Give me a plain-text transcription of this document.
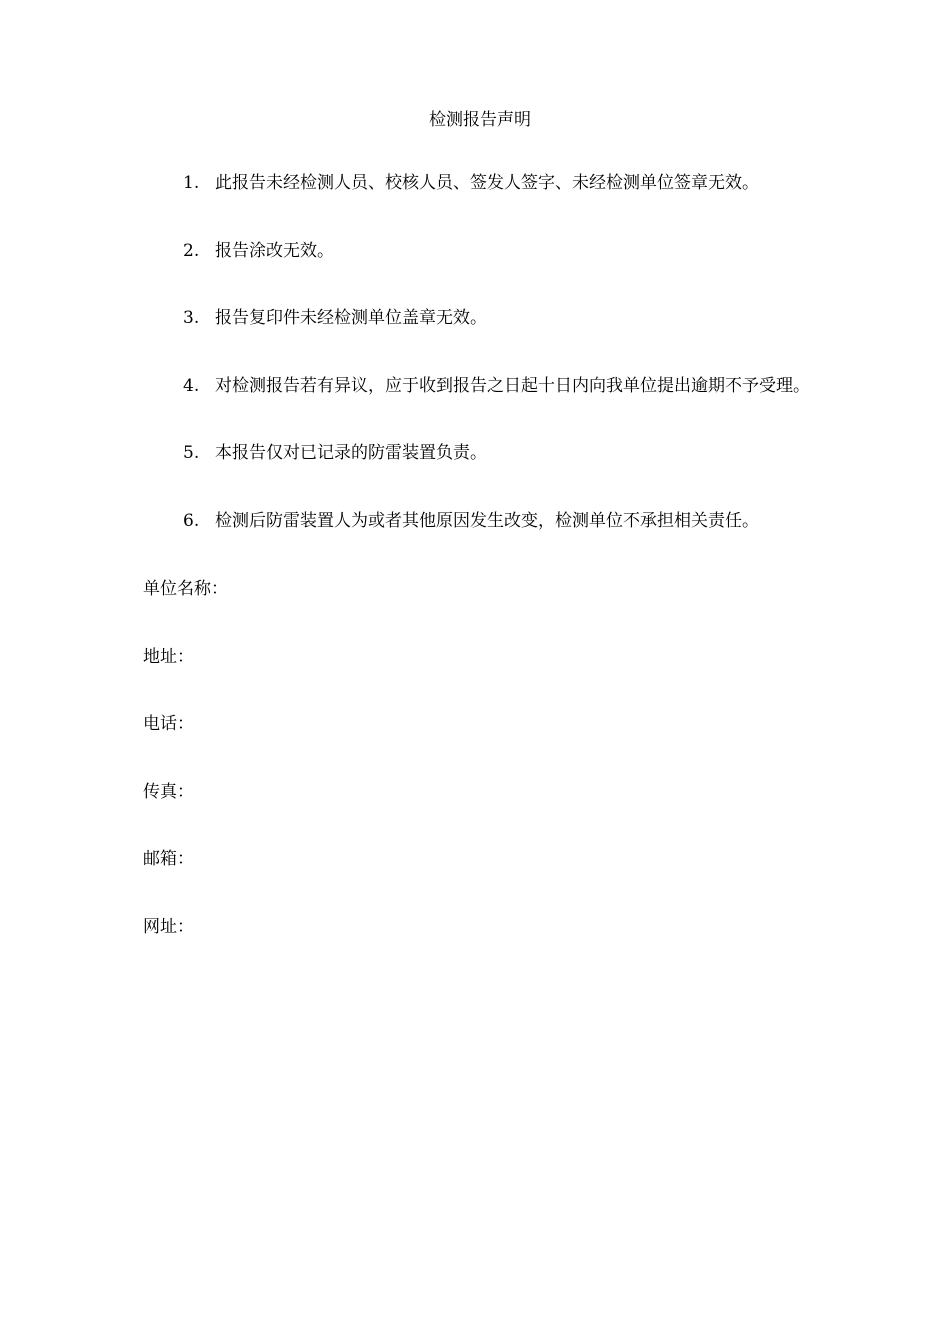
检测报告声明
1. 此报告未经检测人员、校核人员、签发人签字、未经检测单位签章无效。
2. 报告涂改无效。
3. 报告复印件未经检测单位盖章无效。
4. 对检测报告若有异议，应于收到报告之日起十日内向我单位提出逾期不予受理。
5. 本报告仅对已记录的防雷装置负责。
6. 检测后防雷装置人为或者其他原因发生改变，检测单位不承担相关责任。
单位名称：
地址：
电话：
传真：
邮箱：
网址：
